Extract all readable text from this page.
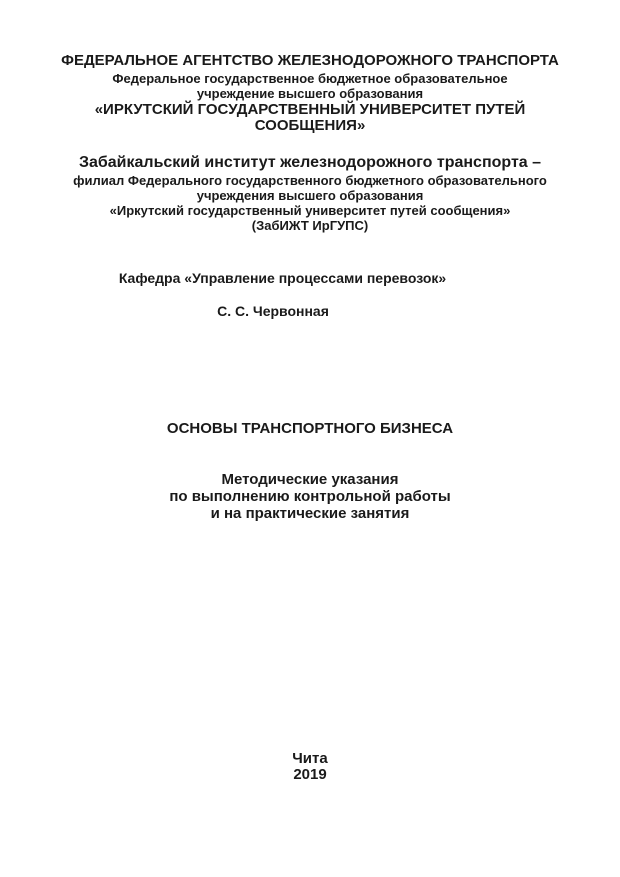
ФЕДЕРАЛЬНОЕ АГЕНТСТВО ЖЕЛЕЗНОДОРОЖНОГО ТРАНСПОРТА
Федеральное государственное бюджетное образовательное
учреждение высшего образования
«ИРКУТСКИЙ ГОСУДАРСТВЕННЫЙ УНИВЕРСИТЕТ ПУТЕЙ СООБЩЕНИЯ»
Забайкальский институт железнодорожного транспорта –
филиал Федерального государственного бюджетного образовательного
учреждения высшего образования
«Иркутский государственный университет путей сообщения»
(ЗабИЖТ ИрГУПС)
Кафедра «Управление процессами перевозок»
С. С. Червонная
ОСНОВЫ ТРАНСПОРТНОГО БИЗНЕСА
Методические указания
по выполнению контрольной работы
и на практические занятия
Чита
2019
